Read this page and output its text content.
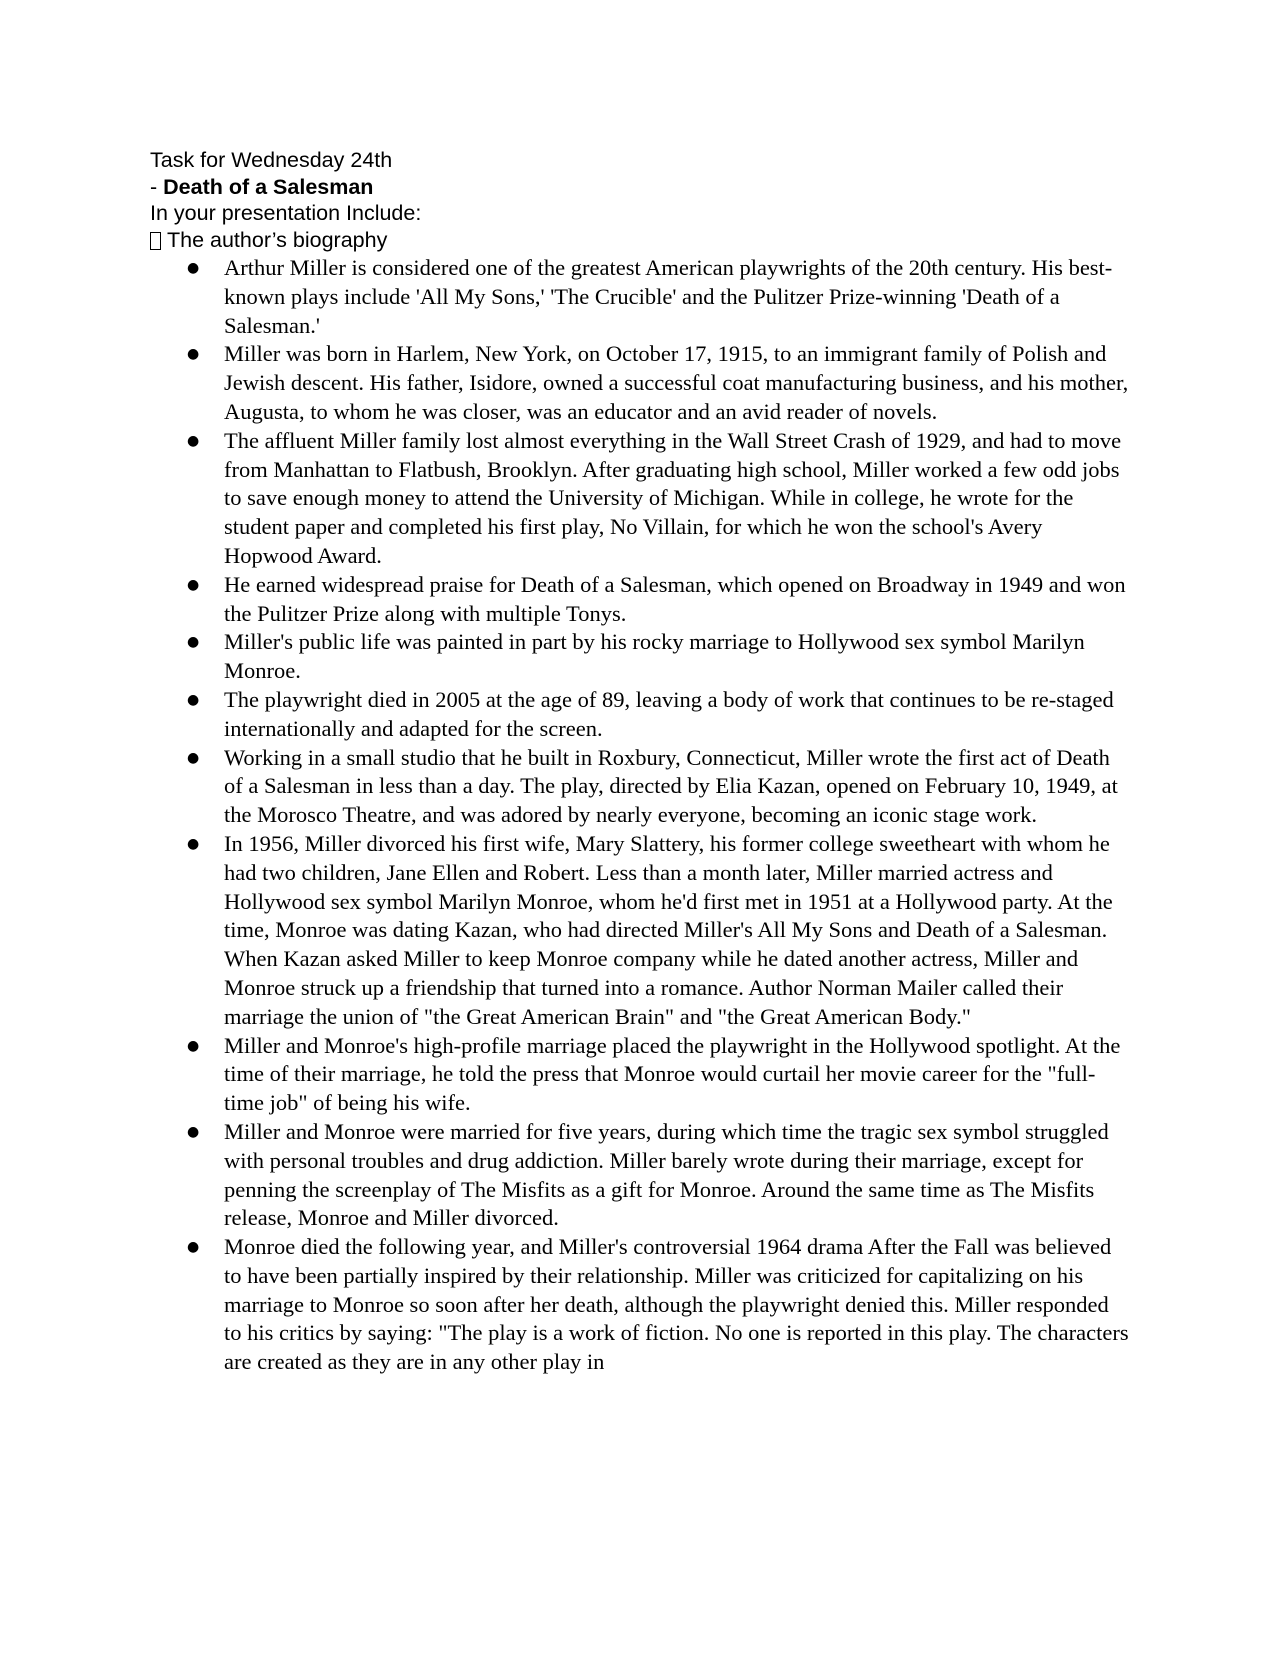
Task for Wednesday 24th
- Death of a Salesman
In your presentation Include:
The author’s biography
● Arthur Miller is considered one of the greatest American playwrights of the 20th century. His best-known plays include 'All My Sons,' 'The Crucible' and the Pulitzer Prize-winning 'Death of a Salesman.'
● Miller was born in Harlem, New York, on October 17, 1915, to an immigrant family of Polish and Jewish descent. His father, Isidore, owned a successful coat manufacturing business, and his mother, Augusta, to whom he was closer, was an educator and an avid reader of novels.
● The affluent Miller family lost almost everything in the Wall Street Crash of 1929, and had to move from Manhattan to Flatbush, Brooklyn. After graduating high school, Miller worked a few odd jobs to save enough money to attend the University of Michigan. While in college, he wrote for the student paper and completed his first play, No Villain, for which he won the school's Avery Hopwood Award.
● He earned widespread praise for Death of a Salesman, which opened on Broadway in 1949 and won the Pulitzer Prize along with multiple Tonys.
● Miller's public life was painted in part by his rocky marriage to Hollywood sex symbol Marilyn Monroe.
● The playwright died in 2005 at the age of 89, leaving a body of work that continues to be re-staged internationally and adapted for the screen.
● Working in a small studio that he built in Roxbury, Connecticut, Miller wrote the first act of Death of a Salesman in less than a day. The play, directed by Elia Kazan, opened on February 10, 1949, at the Morosco Theatre, and was adored by nearly everyone, becoming an iconic stage work.
● In 1956, Miller divorced his first wife, Mary Slattery, his former college sweetheart with whom he had two children, Jane Ellen and Robert. Less than a month later, Miller married actress and Hollywood sex symbol Marilyn Monroe, whom he'd first met in 1951 at a Hollywood party. At the time, Monroe was dating Kazan, who had directed Miller's All My Sons and Death of a Salesman. When Kazan asked Miller to keep Monroe company while he dated another actress, Miller and Monroe struck up a friendship that turned into a romance. Author Norman Mailer called their marriage the union of "the Great American Brain" and "the Great American Body."
● Miller and Monroe's high-profile marriage placed the playwright in the Hollywood spotlight. At the time of their marriage, he told the press that Monroe would curtail her movie career for the "full-time job" of being his wife.
● Miller and Monroe were married for five years, during which time the tragic sex symbol struggled with personal troubles and drug addiction. Miller barely wrote during their marriage, except for penning the screenplay of The Misfits as a gift for Monroe. Around the same time as The Misfits release, Monroe and Miller divorced.
● Monroe died the following year, and Miller's controversial 1964 drama After the Fall was believed to have been partially inspired by their relationship. Miller was criticized for capitalizing on his marriage to Monroe so soon after her death, although the playwright denied this. Miller responded to his critics by saying: "The play is a work of fiction. No one is reported in this play. The characters are created as they are in any other play in
